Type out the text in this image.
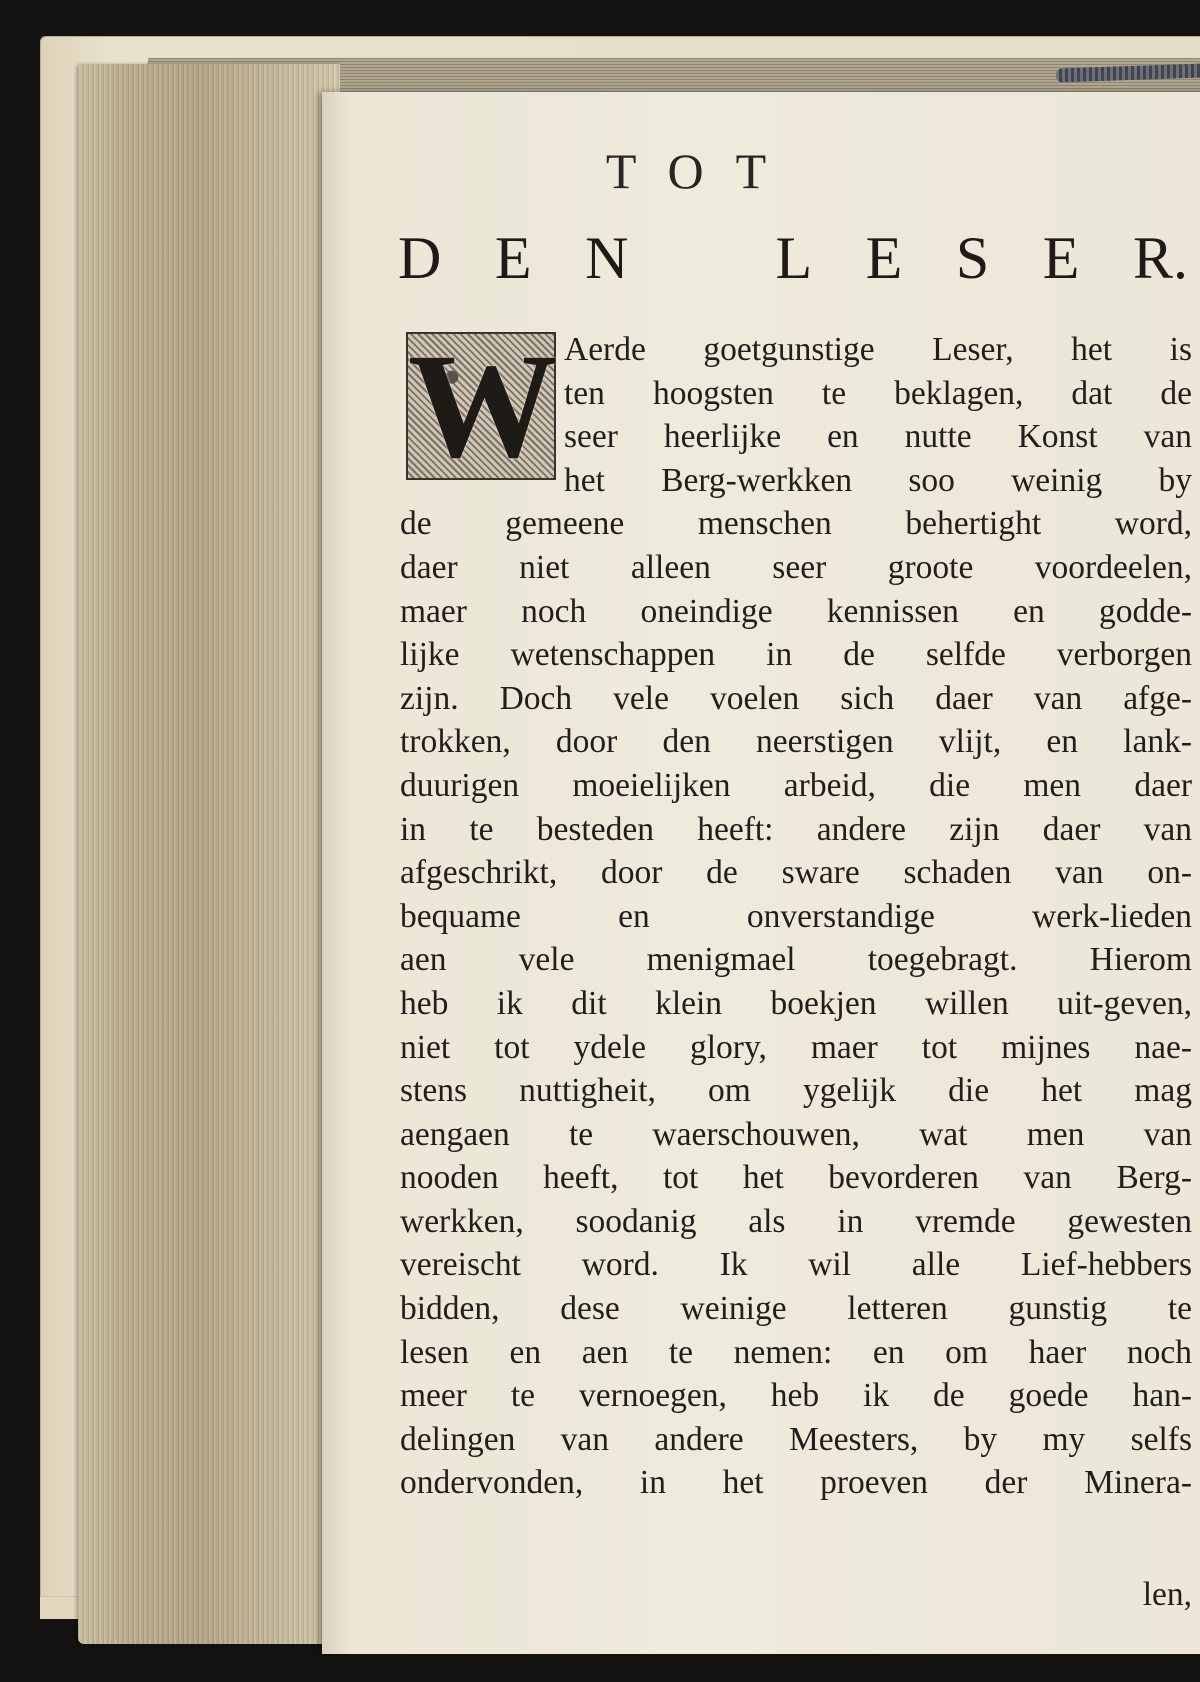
TOT
D E N L E S E R.
W Aerde goetgunstige Leser, het is
ten hoogsten te beklagen, dat de
seer heerlijke en nutte Konst van
het Berg-werkken soo weinig by
de gemeene menschen behertight word,
daer niet alleen seer groote voordeelen,
maer noch oneindige kennissen en godde-
lijke wetenschappen in de selfde verborgen
zijn. Doch vele voelen sich daer van afge-
trokken, door den neerstigen vlijt, en lank-
duurigen moeielijken arbeid, die men daer
in te besteden heeft: andere zijn daer van
afgeschrikt, door de sware schaden van on-
bequame en onverstandige werk-lieden
aen vele menigmael toegebragt. Hierom
heb ik dit klein boekjen willen uit-geven,
niet tot ydele glory, maer tot mijnes nae-
stens nuttigheit, om ygelijk die het mag
aengaen te waerschouwen, wat men van
nooden heeft, tot het bevorderen van Berg-
werkken, soodanig als in vremde gewesten
vereischt word. Ik wil alle Lief-hebbers
bidden, dese weinige letteren gunstig te
lesen en aen te nemen: en om haer noch
meer te vernoegen, heb ik de goede han-
delingen van andere Meesters, by my selfs
ondervonden, in het proeven der Minera-
len,
